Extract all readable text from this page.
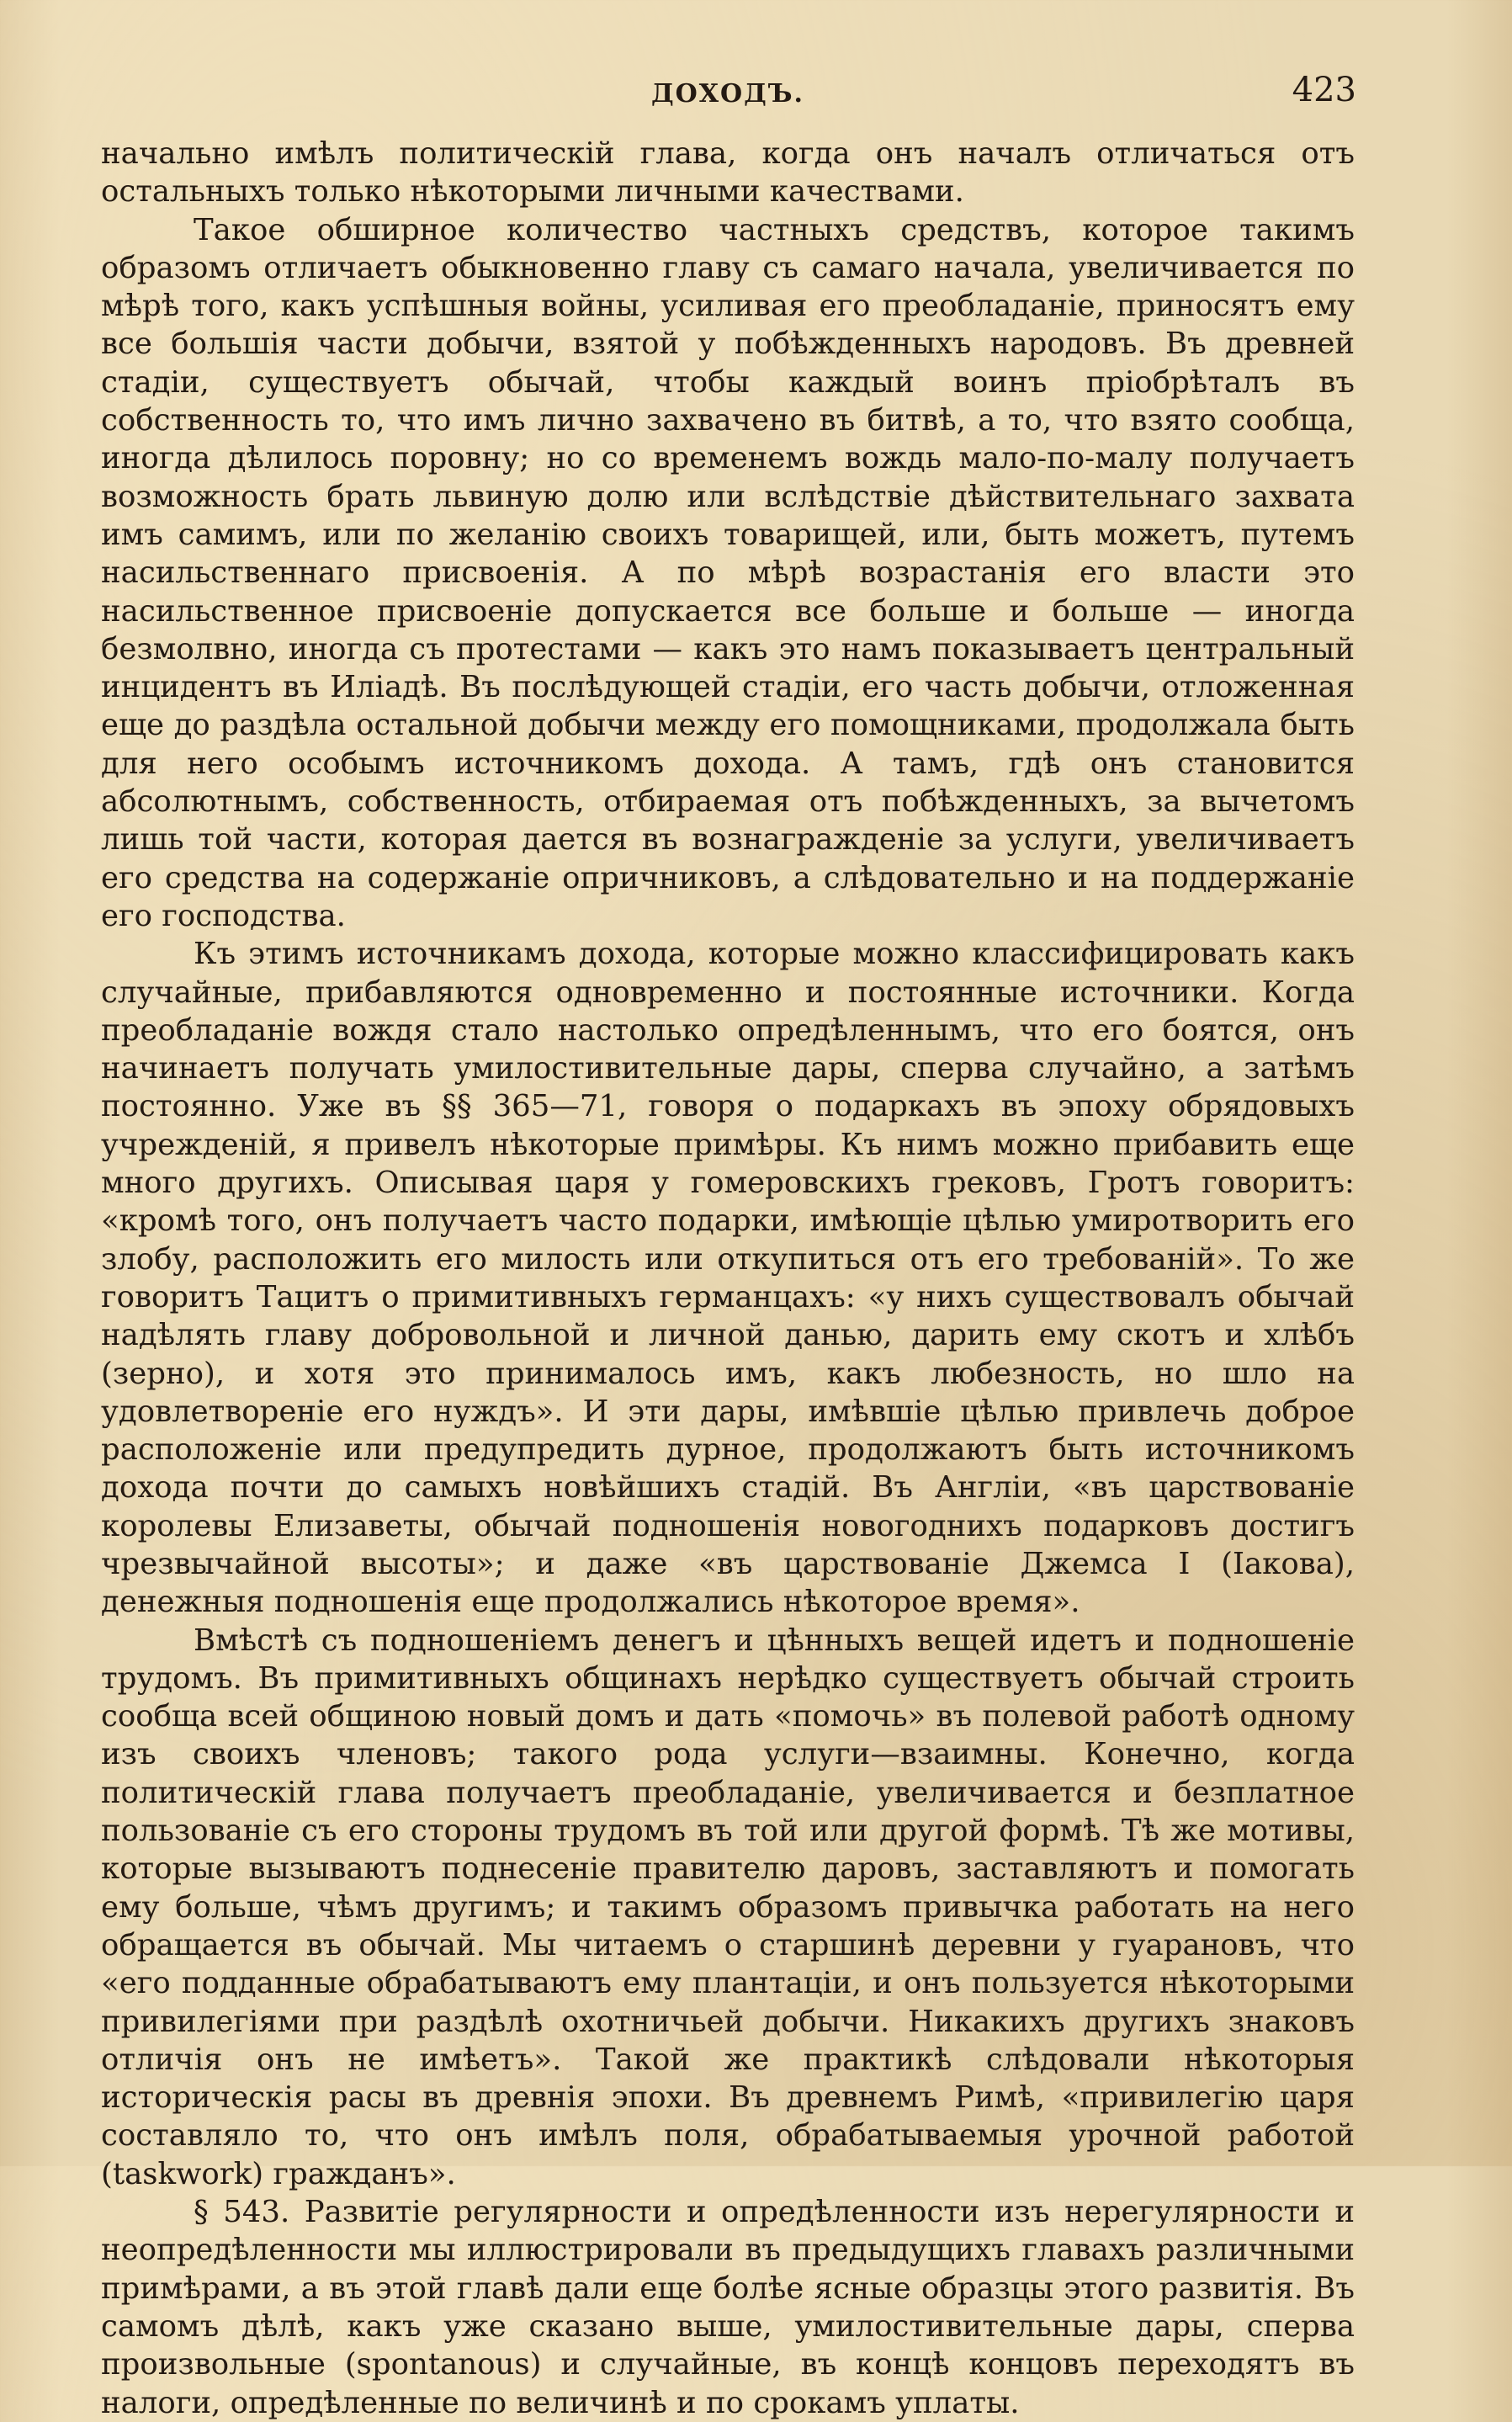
ДОХОДЪ.	423

начально имѣлъ политическій глава, когда онъ началъ отличаться отъ остальныхъ только нѣкоторыми личными качествами.

Такое обширное количество частныхъ средствъ, которое такимъ образомъ отличаетъ обыкновенно главу съ самаго начала, увеличивается по мѣрѣ того, какъ успѣшныя войны, усиливая его преобладаніе, приносятъ ему все большія части добычи, взятой у побѣжденныхъ народовъ. Въ древней стадіи, существуетъ обычай, чтобы каждый воинъ пріобрѣталъ въ собственность то, что имъ лично захвачено въ битвѣ, а то, что взято сообща, иногда дѣлилось поровну; но со временемъ вождь мало-по-малу получаетъ возможность брать львиную долю или вслѣдствіе дѣйствительнаго захвата имъ самимъ, или по желанію своихъ товарищей, или, быть можетъ, путемъ насильственнаго присвоенія. А по мѣрѣ возрастанія его власти это насильственное присвоеніе допускается все больше и больше — иногда безмолвно, иногда съ протестами — какъ это намъ показываетъ центральный инцидентъ въ Иліадѣ. Въ послѣдующей стадіи, его часть добычи, отложенная еще до раздѣла остальной добычи между его помощниками, продолжала быть для него особымъ источникомъ дохода. А тамъ, гдѣ онъ становится абсолютнымъ, собственность, отбираемая отъ побѣжденныхъ, за вычетомъ лишь той части, которая дается въ вознагражденіе за услуги, увеличиваетъ его средства на содержаніе опричниковъ, а слѣдовательно и на поддержаніе его господства.

Къ этимъ источникамъ дохода, которые можно классифицировать какъ случайные, прибавляются одновременно и постоянные источники. Когда преобладаніе вождя стало настолько опредѣленнымъ, что его боятся, онъ начинаетъ получать умилостивительные дары, сперва случайно, а затѣмъ постоянно. Уже въ §§ 365—71, говоря о подаркахъ въ эпоху обрядовыхъ учрежденій, я привелъ нѣкоторые примѣры. Къ нимъ можно прибавить еще много другихъ. Описывая царя у гомеровскихъ грековъ, Гротъ говоритъ: «кромѣ того, онъ получаетъ часто подарки, имѣющіе цѣлью умиротворить его злобу, расположить его милость или откупиться отъ его требованій». То же говоритъ Тацитъ о примитивныхъ германцахъ: «у нихъ существовалъ обычай надѣлять главу добровольной и личной данью, дарить ему скотъ и хлѣбъ (зерно), и хотя это принималось имъ, какъ любезность, но шло на удовлетвореніе его нуждъ». И эти дары, имѣвшіе цѣлью привлечь доброе расположеніе или предупредить дурное, продолжаютъ быть источникомъ дохода почти до самыхъ новѣйшихъ стадій. Въ Англіи, «въ царствованіе королевы Елизаветы, обычай подношенія новогоднихъ подарковъ достигъ чрезвычайной высоты»; и даже «въ царствованіе Джемса I (Іакова), денежныя подношенія еще продолжались нѣкоторое время».

Вмѣстѣ съ подношеніемъ денегъ и цѣнныхъ вещей идетъ и подношеніе трудомъ. Въ примитивныхъ общинахъ нерѣдко существуетъ обычай строить сообща всей общиною новый домъ и дать «помочь» въ полевой работѣ одному изъ своихъ членовъ; такого рода услуги—взаимны. Конечно, когда политическій глава получаетъ преобладаніе, увеличивается и безплатное пользованіе съ его стороны трудомъ въ той или другой формѣ. Тѣ же мотивы, которые вызываютъ поднесеніе правителю даровъ, заставляютъ и помогать ему больше, чѣмъ другимъ; и такимъ образомъ привычка работать на него обращается въ обычай. Мы читаемъ о старшинѣ деревни у гуарановъ, что «его подданные обрабатываютъ ему плантаціи, и онъ пользуется нѣкоторыми привилегіями при раздѣлѣ охотничьей добычи. Никакихъ другихъ знаковъ отличія онъ не имѣетъ». Такой же практикѣ слѣдовали нѣкоторыя историческія расы въ древнія эпохи. Въ древнемъ Римѣ, «привилегію царя составляло то, что онъ имѣлъ поля, обрабатываемыя урочной работой (taskwork) гражданъ».

§ 543. Развитіе регулярности и опредѣленности изъ нерегулярности и неопредѣленности мы иллюстрировали въ предыдущихъ главахъ различными примѣрами, а въ этой главѣ дали еще болѣе ясные образцы этого развитія. Въ самомъ дѣлѣ, какъ уже сказано выше, умилостивительные дары, сперва произвольные (spontanous) и случайные, въ концѣ концовъ переходятъ въ налоги, опредѣленные по величинѣ и по срокамъ уплаты.
